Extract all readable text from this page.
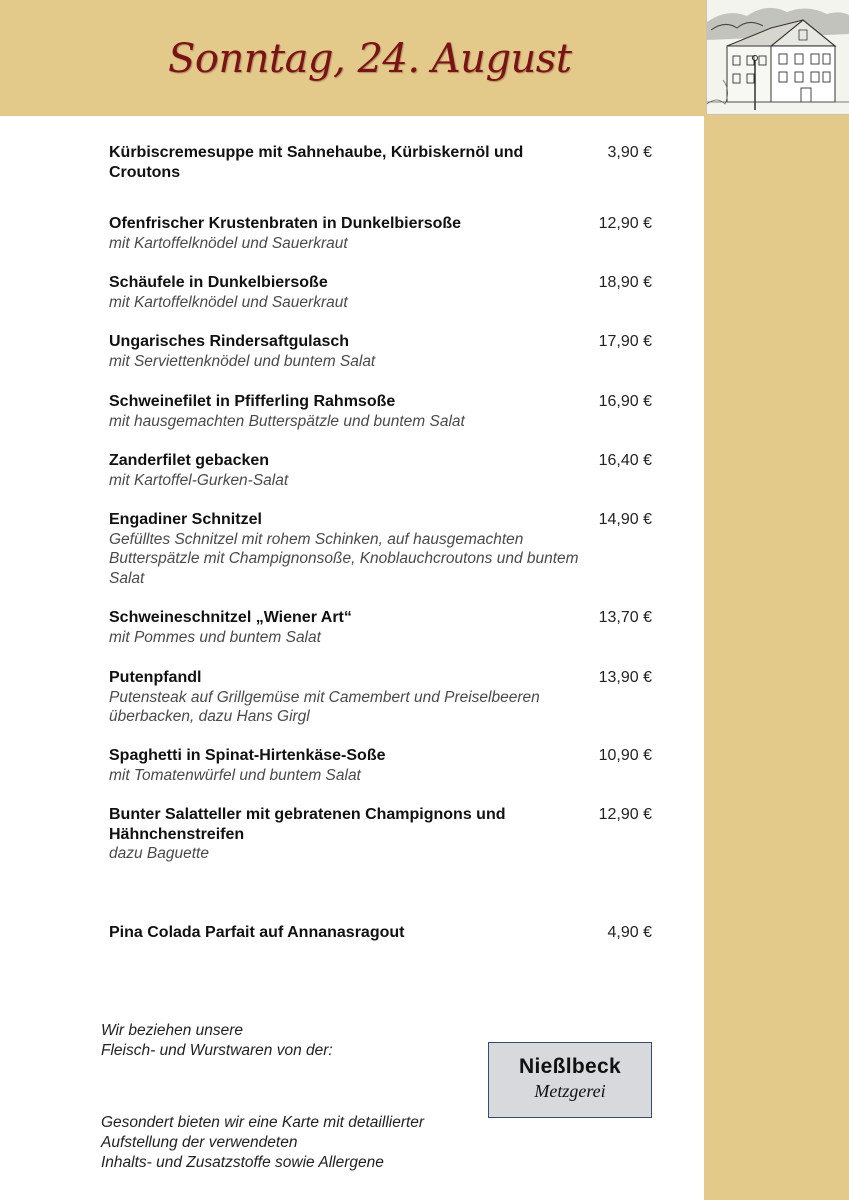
Sonntag, 24. August
Kürbiscremesuppe mit Sahnehaube, Kürbiskernöl und Croutons
3,90 €
Ofenfrischer Krustenbraten in Dunkelbiersoße
mit Kartoffelknödel und Sauerkraut
12,90 €
Schäufele in Dunkelbiersoße
mit Kartoffelknödel und Sauerkraut
18,90 €
Ungarisches Rindersaftgulasch
mit Serviettenknödel und buntem Salat
17,90 €
Schweinefilet in Pfifferling Rahmsoße
mit hausgemachten Butterspätzle und buntem Salat
16,90 €
Zanderfilet gebacken
mit Kartoffel-Gurken-Salat
16,40 €
Engadiner Schnitzel
Gefülltes Schnitzel mit rohem Schinken, auf hausgemachten Butterspätzle mit Champignonsoße, Knoblauchcroutons und buntem Salat
14,90 €
Schweineschnitzel „Wiener Art“
mit Pommes und buntem Salat
13,70 €
Putenpfandl
Putensteak auf Grillgemüse mit Camembert und Preiselbeeren überbacken, dazu Hans Girgl
13,90 €
Spaghetti in Spinat-Hirtenkäse-Soße
mit Tomatenwürfel und buntem Salat
10,90 €
Bunter Salatteller mit gebratenen Champignons und Hähnchenstreifen
dazu Baguette
12,90 €
Pina Colada Parfait auf Annanasragout	4,90 €
Wir beziehen unsere
Fleisch- und Wurstwaren von der:
Nießlbeck
Metzgerei
Gesondert bieten wir eine Karte mit detaillierter
Aufstellung der verwendeten
Inhalts- und Zusatzstoffe sowie Allergene
